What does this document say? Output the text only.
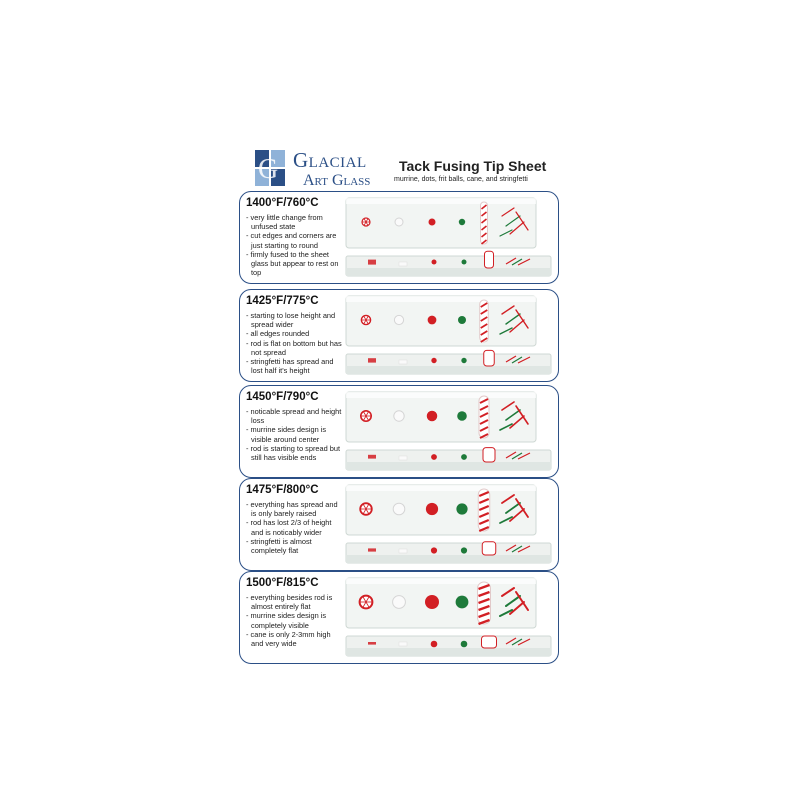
G Glacial
Art Glass
Tack Fusing Tip Sheet
murrine, dots, frit balls, cane, and stringfetti
1400°F/760°C
- very little change from unfused state
- cut edges and corners are just starting to round
- firmly fused to the sheet glass but appear to rest on top
1425°F/775°C
- starting to lose height and spread wider
- all edges rounded
- rod is flat on bottom but has not spread
- stringfetti has spread and lost half it's height
1450°F/790°C
- noticable spread and height loss
- murrine sides design is visible around center
- rod is starting to spread but still has visible ends
1475°F/800°C
- everything has spread and is only barely raised
- rod has lost 2/3 of height and is noticably wider
- stringfetti is almost completely flat
1500°F/815°C
- everything besides rod is almost entirely flat
- murrine sides design is completely visible
- cane is only 2-3mm high and very wide
